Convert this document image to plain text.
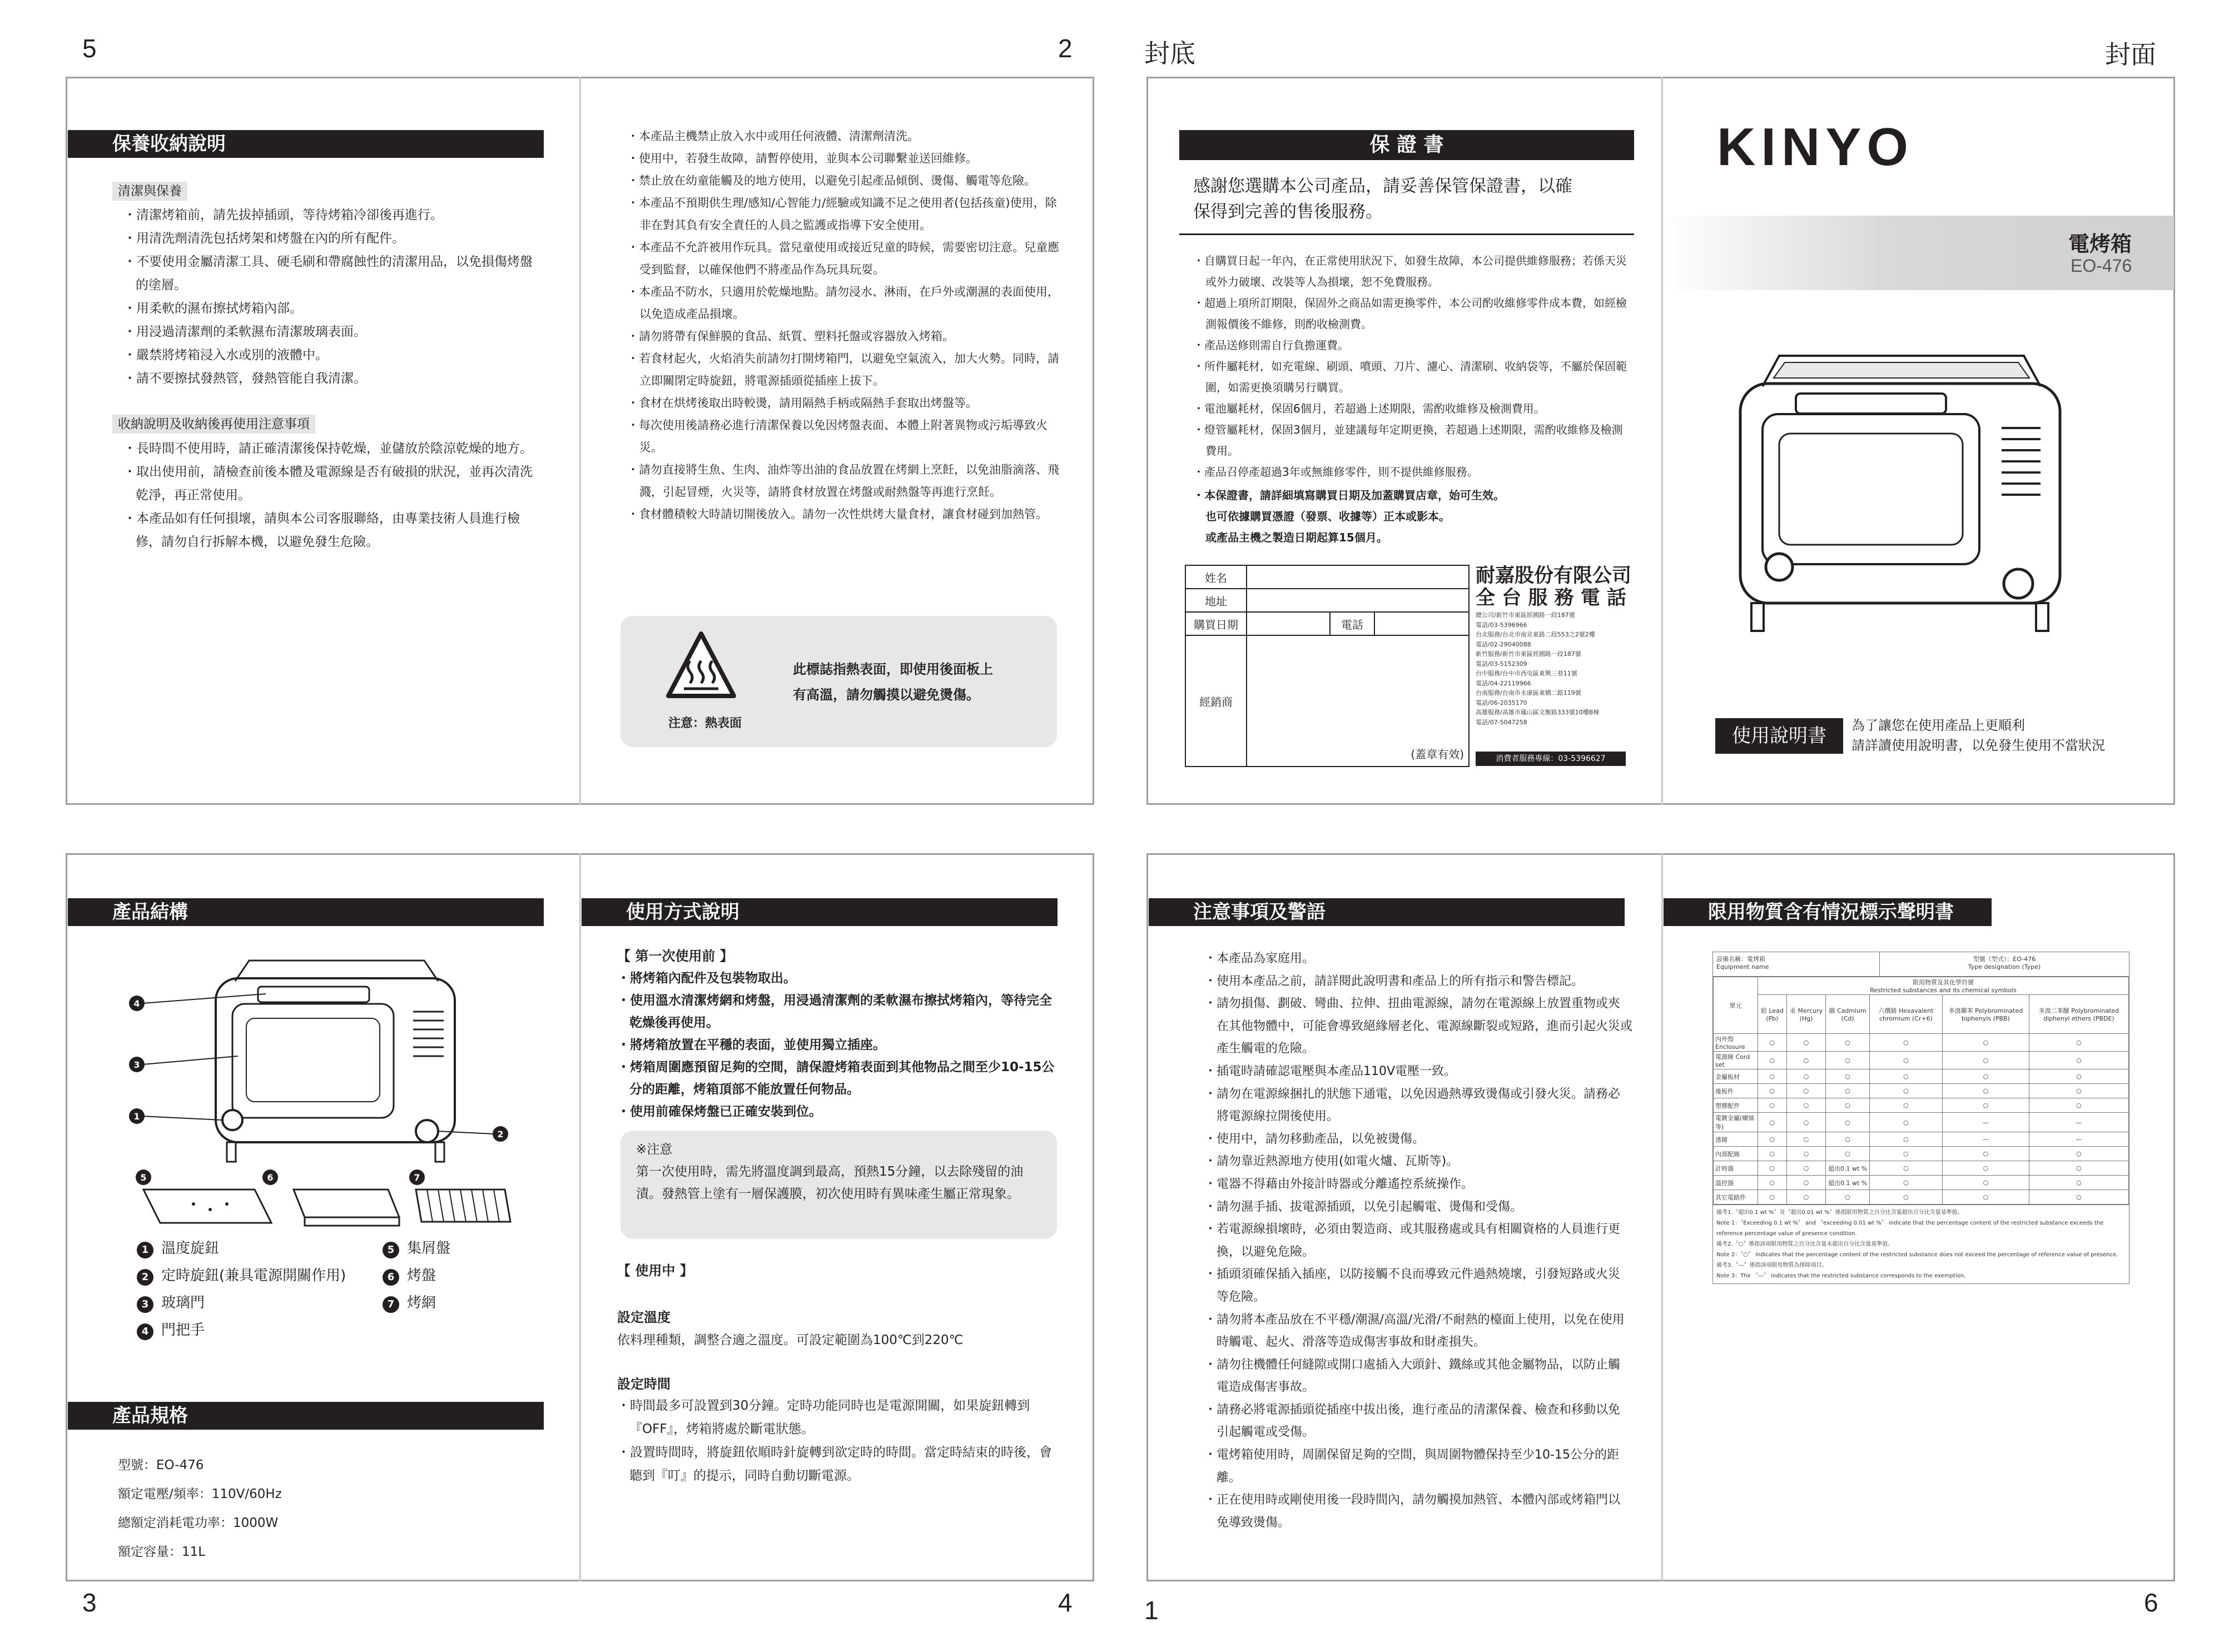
5	2	封底	封面
3	4	1	6
保養收納說明
清潔與保養
・ 清潔烤箱前，請先拔掉插頭，等待烤箱冷卻後再進行。
・ 用清洗劑清洗包括烤架和烤盤在內的所有配件。
・ 不要使用金屬清潔工具、硬毛刷和帶腐蝕性的清潔用品，以免損傷烤盤的塗層。
・ 用柔軟的濕布擦拭烤箱內部。
・ 用浸過清潔劑的柔軟濕布清潔玻璃表面。
・ 嚴禁將烤箱浸入水或別的液體中。
・ 請不要擦拭發熱管，發熱管能自我清潔。
收納說明及收納後再使用注意事項
・ 長時間不使用時，請正確清潔後保持乾燥，並儲放於陰涼乾燥的地方。
・ 取出使用前，請檢查前後本體及電源線是否有破損的狀況，並再次清洗乾淨，再正常使用。
・ 本產品如有任何損壞，請與本公司客服聯絡，由專業技術人員進行檢修，請勿自行拆解本機，以避免發生危險。
・ 本產品主機禁止放入水中或用任何液體、清潔劑清洗。
・ 使用中，若發生故障，請暫停使用，並與本公司聯繫並送回維修。
・ 禁止放在幼童能觸及的地方使用，以避免引起產品傾倒、燙傷、觸電等危險。
・ 本產品不預期供生理/感知/心智能力/經驗或知識不足之使用者(包括孩童)使用，除非在對其負有安全責任的人員之監護或指導下安全使用。
・ 本產品不允許被用作玩具。當兒童使用或接近兒童的時候，需要密切注意。兒童應受到監督，以確保他們不將產品作為玩具玩耍。
・ 本產品不防水，只適用於乾燥地點。請勿浸水、淋雨，在戶外或潮濕的表面使用，以免造成產品損壞。
・ 請勿將帶有保鮮膜的食品、紙質、塑料托盤或容器放入烤箱。
・ 若食材起火，火焰消失前請勿打開烤箱門，以避免空氣流入，加大火勢。同時，請立即關閉定時旋鈕，將電源插頭從插座上拔下。
・ 食材在烘烤後取出時較燙，請用隔熱手柄或隔熱手套取出烤盤等。
・ 每次使用後請務必進行清潔保養以免因烤盤表面、本體上附著異物或污垢導致火災。
・ 請勿直接將生魚、生肉、油炸等出油的食品放置在烤網上烹飪，以免油脂滴落、飛濺，引起冒煙，火災等，請將食材放置在烤盤或耐熱盤等再進行烹飪。
・ 食材體積較大時請切開後放入。請勿一次性烘烤大量食材，讓食材碰到加熱管。
注意：熱表面
此標誌指熱表面，即使用後面板上
有高溫，請勿觸摸以避免燙傷。
保 證 書
感謝您選購本公司產品，請妥善保管保證書，以確
保得到完善的售後服務。
・ 自購買日起一年內，在正常使用狀況下，如發生故障，本公司提供維修服務；若係天災或外力破壞、改裝等人為損壞，恕不免費服務。
・ 超過上項所訂期限，保固外之商品如需更換零件，本公司酌收維修零件成本費，如經檢測報價後不維修，則酌收檢測費。
・ 產品送修則需自行負擔運費。
・ 所件屬耗材，如充電線、刷頭、噴頭、刀片、濾心、清潔刷、收納袋等，不屬於保固範圍，如需更換須購另行購買。
・ 電池屬耗材，保固6個月，若超過上述期限，需酌收維修及檢測費用。
・ 燈管屬耗材，保固3個月，並建議每年定期更換，若超過上述期限，需酌收維修及檢測費用。
・ 產品召停產超過3年或無維修零件，則不提供維修服務。
・本保證書，請詳細填寫購買日期及加蓋購買店章，始可生效。
也可依據購買憑證（發票、收據等）正本或影本。
或產品主機之製造日期起算15個月。
姓名			
地址			
購買日期		電話	
經銷商	(蓋章有效)		
耐嘉股份有限公司
全 台 服 務 電 話
總公司/新竹市東區經國路一段187號
電話/03-5396966
台北服務/台北市南京東路二段553之2號2樓
電話/02-29040088
新竹服務/新竹市東區經國路一段187號
電話/03-5152309
台中服務/台中市西屯區東興三巷11號
電話/04-22119966
台南服務/台南市永康區東橋二路119號
電話/06-2035170
高雄服務/高雄市鳳山區文衡路333號10樓B棟
電話/07-5047258
消費者服務專線：03-5396627
KINYO
電烤箱
EO-476
使用說明書	為了讓您在使用產品上更順利
請詳讀使用說明書，以免發生使用不當狀況
產品結構
4
3
1
2
5	6	7
1 溫度旋鈕
2 定時旋鈕(兼具電源開關作用)
3 玻璃門
4 門把手
5 集屑盤
6 烤盤
7 烤網
產品規格
型號：EO-476
額定電壓/頻率：110V/60Hz
總額定消耗電功率：1000W
額定容量：11L
使用方式說明
【 第一次使用前 】
・ 將烤箱內配件及包裝物取出。
・ 使用溫水清潔烤網和烤盤，用浸過清潔劑的柔軟濕布擦拭烤箱內，等待完全乾燥後再使用。
・ 將烤箱放置在平穩的表面，並使用獨立插座。
・ 烤箱周圍應預留足夠的空間，請保證烤箱表面到其他物品之間至少10-15公分的距離，烤箱頂部不能放置任何物品。
・ 使用前確保烤盤已正確安裝到位。
※注意
第一次使用時，需先將溫度調到最高，預熱15分鐘，以去除殘留的油漬。發熱管上塗有一層保護膜，初次使用時有異味產生屬正常現象。
【 使用中 】
設定溫度
依料理種類，調整合適之溫度。可設定範圍為100℃到220℃
設定時間
・ 時間最多可設置到30分鐘。定時功能同時也是電源開關，如果旋鈕轉到『OFF』，烤箱將處於斷電狀態。
・ 設置時間時，將旋鈕依順時針旋轉到欲定時的時間。當定時結束的時後，會聽到『叮』的提示，同時自動切斷電源。
注意事項及警語
・ 本產品為家庭用。
・ 使用本產品之前，請詳閱此說明書和產品上的所有指示和警告標記。
・ 請勿損傷、劃破、彎曲、拉伸、扭曲電源線，請勿在電源線上放置重物或夾在其他物體中，可能會導致絕緣層老化、電源線斷裂或短路，進而引起火災或產生觸電的危險。
・ 插電時請確認電壓與本產品110V電壓一致。
・ 請勿在電源線捆扎的狀態下通電，以免因過熱導致燙傷或引發火災。請務必將電源線拉開後使用。
・ 使用中，請勿移動產品，以免被燙傷。
・ 請勿靠近熱源地方使用(如電火爐、瓦斯等)。
・ 電器不得藉由外接計時器或分離遙控系統操作。
・ 請勿濕手插、拔電源插頭，以免引起觸電、燙傷和受傷。
・ 若電源線損壞時，必須由製造商、或其服務處或具有相關資格的人員進行更換，以避免危險。
・ 插頭須確保插入插座，以防接觸不良而導致元件過熱燒壞，引發短路或火災等危險。
・ 請勿將本產品放在不平穩/潮濕/高溫/光滑/不耐熱的檯面上使用，以免在使用時觸電、起火、滑落等造成傷害事故和財產損失。
・ 請勿往機體任何縫隙或開口處插入大頭針、鐵絲或其他金屬物品，以防止觸電造成傷害事故。
・ 請務必將電源插頭從插座中拔出後，進行產品的清潔保養、檢查和移動以免引起觸電或受傷。
・ 電烤箱使用時，周圍保留足夠的空間，與周圍物體保持至少10-15公分的距離。
・ 正在使用時或剛使用後一段時間內，請勿觸摸加熱管、本體內部或烤箱門以免導致燙傷。
限用物質含有情況標示聲明書
設備名稱：電烤箱
Equipment name
型號（型式）：EO-476
Type designation (Type)
單元	限用物質及其化學符號
Restricted substances and its chemical symbols					

	鉛 Lead (Pb)	汞 Mercury (Hg)	鎘 Cadmium (Cd)	六價鉻 Hexavalent chromium (Cr+6)	多溴聯苯 Polybrominated biphenyls (PBB)	多溴二苯醚 Polybrominated diphenyl ethers (PBDE)
內外殼 Enclosure	○	○	○	○	○	○
電源線 Cord set	○	○	○	○	○	○
金屬板材	○	○	○	○	○	○
後板件	○	○	○	○	○	○
塑膠配件	○	○	○	○	○	○
電鍍金屬(螺絲等)	○	○	○	○	—	—
透鏡	○	○	○	○	—	—
內部配線	○	○	○	○	○	○
計時器	○	○	超出0.1 wt %	○	○	○
溫控器	○	○	超出0.1 wt %	○	○	○
其它電路件	○	○	○	○	○	○
備考1.〝超出0.1 wt %〞及〝超出0.01 wt %〞係指限用物質之百分比含量超出百分比含量基準值。
Note 1：〝Exceeding 0.1 wt %〞 and 〝exceeding 0.01 wt %〞 indicate that the percentage content of the restricted substance exceeds the reference percentage value of presence condition.
備考2.〝○〞係指該項限用物質之百分比含量未超出百分比含量基準值。
Note 2：〝○〞 indicates that the percentage content of the restricted substance does not exceed the percentage of reference value of presence.
備考3.〝—〞係指該項限用物質為排除項目。
Note 3：The 〝—〞 indicates that the restricted substance corresponds to the exemption.
